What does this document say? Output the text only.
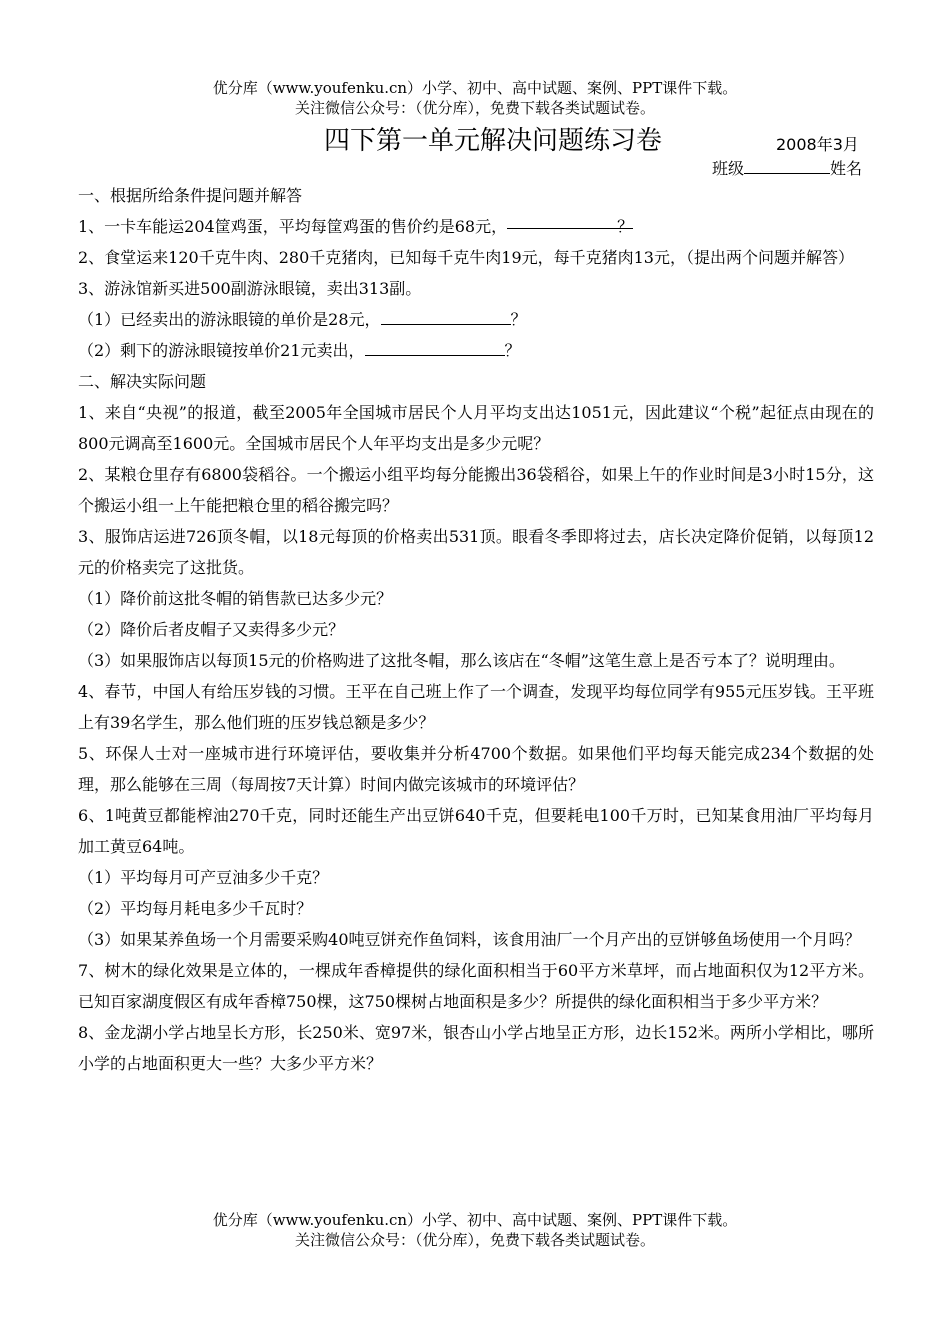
优分库（www.youfenku.cn）小学、初中、高中试题、案例、PPT课件下载。
关注微信公众号：（优分库），免费下载各类试题试卷。
四下第一单元解决问题练习卷	2008年3月
班级	姓名

一、根据所给条件提问题并解答

1、一卡车能运204筐鸡蛋，平均每筐鸡蛋的售价约是68元，	？

2、食堂运来120千克牛肉、280千克猪肉，已知每千克牛肉19元，每千克猪肉13元，（提出两个问题并解答）

3、游泳馆新买进500副游泳眼镜，卖出313副。

（1）已经卖出的游泳眼镜的单价是28元，	？

（2）剩下的游泳眼镜按单价21元卖出，	？

二、解决实际问题

1、来自“央视”的报道，截至2005年全国城市居民个人月平均支出达1051元，因此建议“个税”起征点由现在的800元调高至1600元。全国城市居民个人年平均支出是多少元呢？

2、某粮仓里存有6800袋稻谷。一个搬运小组平均每分能搬出36袋稻谷，如果上午的作业时间是3小时15分，这个搬运小组一上午能把粮仓里的稻谷搬完吗？

3、服饰店运进726顶冬帽，以18元每顶的价格卖出531顶。眼看冬季即将过去，店长决定降价促销，以每顶12元的价格卖完了这批货。

（1）降价前这批冬帽的销售款已达多少元？

（2）降价后者皮帽子又卖得多少元？

（3）如果服饰店以每顶15元的价格购进了这批冬帽，那么该店在“冬帽”这笔生意上是否亏本了？说明理由。

4、春节，中国人有给压岁钱的习惯。王平在自己班上作了一个调查，发现平均每位同学有955元压岁钱。王平班上有39名学生，那么他们班的压岁钱总额是多少？

5、环保人士对一座城市进行环境评估，要收集并分析4700个数据。如果他们平均每天能完成234个数据的处理，那么能够在三周（每周按7天计算）时间内做完该城市的环境评估？

6、1吨黄豆都能榨油270千克，同时还能生产出豆饼640千克，但要耗电100千万时，已知某食用油厂平均每月加工黄豆64吨。

（1）平均每月可产豆油多少千克？

（2）平均每月耗电多少千瓦时？

（3）如果某养鱼场一个月需要采购40吨豆饼充作鱼饲料，该食用油厂一个月产出的豆饼够鱼场使用一个月吗？

7、树木的绿化效果是立体的，一棵成年香樟提供的绿化面积相当于60平方米草坪，而占地面积仅为12平方米。已知百家湖度假区有成年香樟750棵，这750棵树占地面积是多少？所提供的绿化面积相当于多少平方米？

8、金龙湖小学占地呈长方形，长250米、宽97米，银杏山小学占地呈正方形，边长152米。两所小学相比，哪所小学的占地面积更大一些？大多少平方米？

优分库（www.youfenku.cn）小学、初中、高中试题、案例、PPT课件下载。
关注微信公众号：（优分库），免费下载各类试题试卷。
